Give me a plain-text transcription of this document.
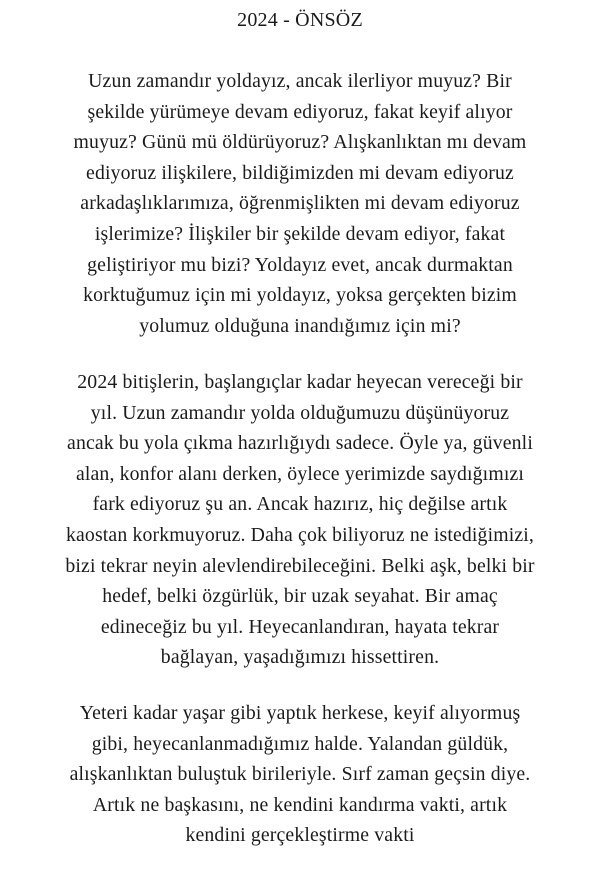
2024 - ÖNSÖZ
Uzun zamandır yoldayız, ancak ilerliyor muyuz? Bir
şekilde yürümeye devam ediyoruz, fakat keyif alıyor
muyuz? Günü mü öldürüyoruz? Alışkanlıktan mı devam
ediyoruz ilişkilere, bildiğimizden mi devam ediyoruz
arkadaşlıklarımıza, öğrenmişlikten mi devam ediyoruz
işlerimize? İlişkiler bir şekilde devam ediyor, fakat
geliştiriyor mu bizi? Yoldayız evet, ancak durmaktan
korktuğumuz için mi yoldayız, yoksa gerçekten bizim
yolumuz olduğuna inandığımız için mi?
2024 bitişlerin, başlangıçlar kadar heyecan vereceği bir
yıl. Uzun zamandır yolda olduğumuzu düşünüyoruz
ancak bu yola çıkma hazırlığıydı sadece. Öyle ya, güvenli
alan, konfor alanı derken, öylece yerimizde saydığımızı
fark ediyoruz şu an. Ancak hazırız, hiç değilse artık
kaostan korkmuyoruz. Daha çok biliyoruz ne istediğimizi,
bizi tekrar neyin alevlendirebileceğini. Belki aşk, belki bir
hedef, belki özgürlük, bir uzak seyahat. Bir amaç
edineceğiz bu yıl. Heyecanlandıran, hayata tekrar
bağlayan, yaşadığımızı hissettiren.
Yeteri kadar yaşar gibi yaptık herkese, keyif alıyormuş
gibi, heyecanlanmadığımız halde. Yalandan güldük,
alışkanlıktan buluştuk birileriyle. Sırf zaman geçsin diye.
Artık ne başkasını, ne kendini kandırma vakti, artık
kendini gerçekleştirme vakti
